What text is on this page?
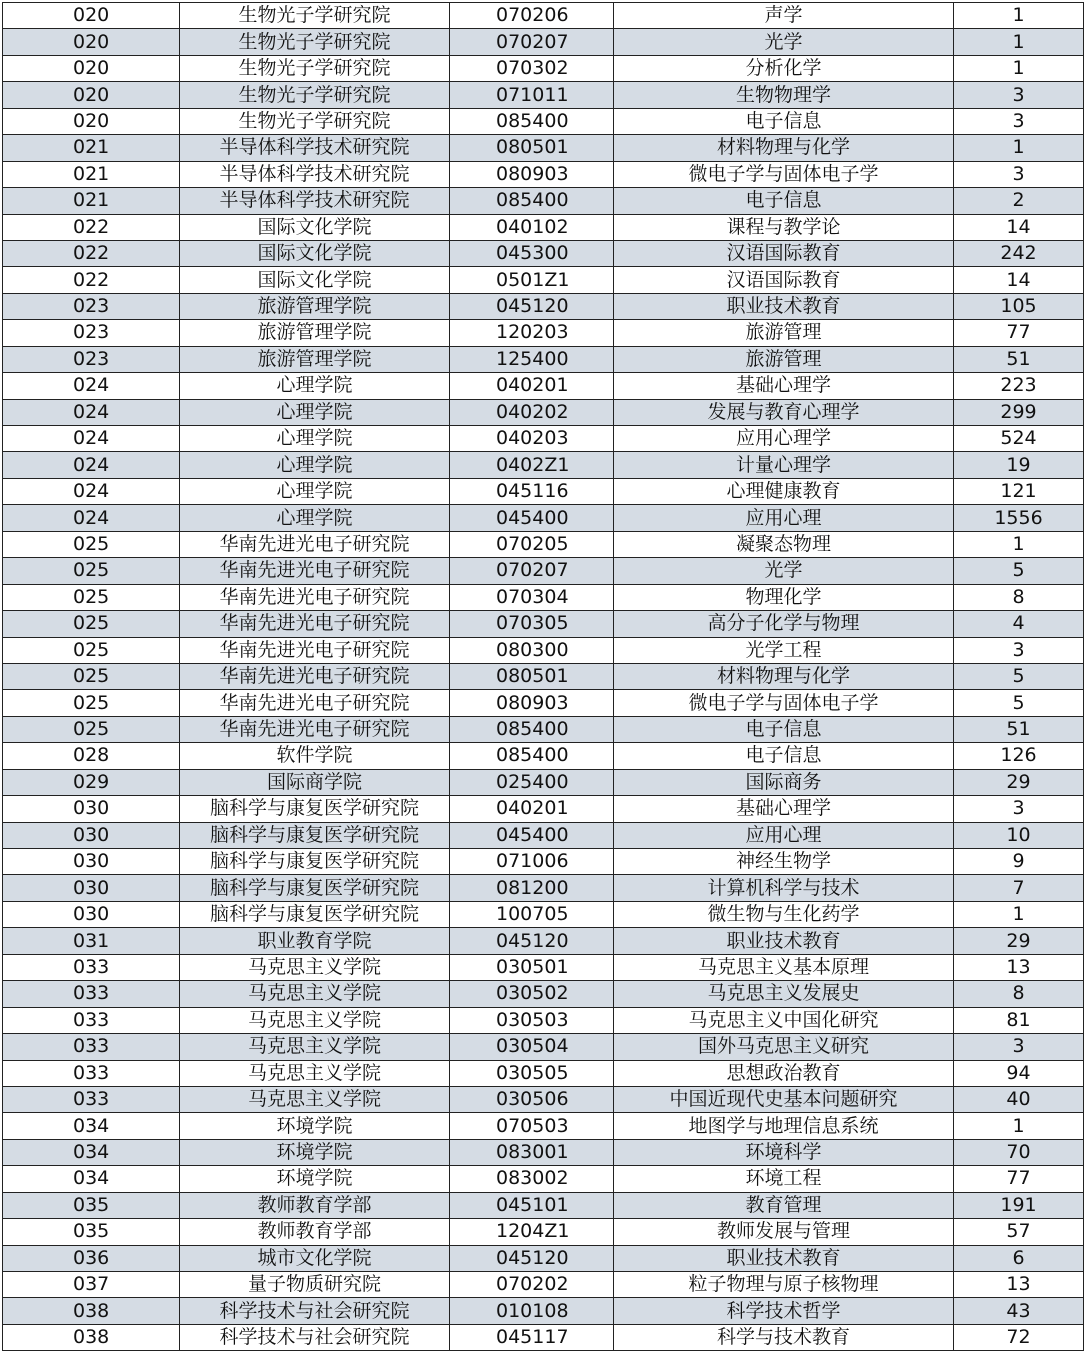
020	生物光子学研究院	070206	声学	1
020	生物光子学研究院	070207	光学	1
020	生物光子学研究院	070302	分析化学	1
020	生物光子学研究院	071011	生物物理学	3
020	生物光子学研究院	085400	电子信息	3
021	半导体科学技术研究院	080501	材料物理与化学	1
021	半导体科学技术研究院	080903	微电子学与固体电子学	3
021	半导体科学技术研究院	085400	电子信息	2
022	国际文化学院	040102	课程与教学论	14
022	国际文化学院	045300	汉语国际教育	242
022	国际文化学院	0501Z1	汉语国际教育	14
023	旅游管理学院	045120	职业技术教育	105
023	旅游管理学院	120203	旅游管理	77
023	旅游管理学院	125400	旅游管理	51
024	心理学院	040201	基础心理学	223
024	心理学院	040202	发展与教育心理学	299
024	心理学院	040203	应用心理学	524
024	心理学院	0402Z1	计量心理学	19
024	心理学院	045116	心理健康教育	121
024	心理学院	045400	应用心理	1556
025	华南先进光电子研究院	070205	凝聚态物理	1
025	华南先进光电子研究院	070207	光学	5
025	华南先进光电子研究院	070304	物理化学	8
025	华南先进光电子研究院	070305	高分子化学与物理	4
025	华南先进光电子研究院	080300	光学工程	3
025	华南先进光电子研究院	080501	材料物理与化学	5
025	华南先进光电子研究院	080903	微电子学与固体电子学	5
025	华南先进光电子研究院	085400	电子信息	51
028	软件学院	085400	电子信息	126
029	国际商学院	025400	国际商务	29
030	脑科学与康复医学研究院	040201	基础心理学	3
030	脑科学与康复医学研究院	045400	应用心理	10
030	脑科学与康复医学研究院	071006	神经生物学	9
030	脑科学与康复医学研究院	081200	计算机科学与技术	7
030	脑科学与康复医学研究院	100705	微生物与生化药学	1
031	职业教育学院	045120	职业技术教育	29
033	马克思主义学院	030501	马克思主义基本原理	13
033	马克思主义学院	030502	马克思主义发展史	8
033	马克思主义学院	030503	马克思主义中国化研究	81
033	马克思主义学院	030504	国外马克思主义研究	3
033	马克思主义学院	030505	思想政治教育	94
033	马克思主义学院	030506	中国近现代史基本问题研究	40
034	环境学院	070503	地图学与地理信息系统	1
034	环境学院	083001	环境科学	70
034	环境学院	083002	环境工程	77
035	教师教育学部	045101	教育管理	191
035	教师教育学部	1204Z1	教师发展与管理	57
036	城市文化学院	045120	职业技术教育	6
037	量子物质研究院	070202	粒子物理与原子核物理	13
038	科学技术与社会研究院	010108	科学技术哲学	43
038	科学技术与社会研究院	045117	科学与技术教育	72
